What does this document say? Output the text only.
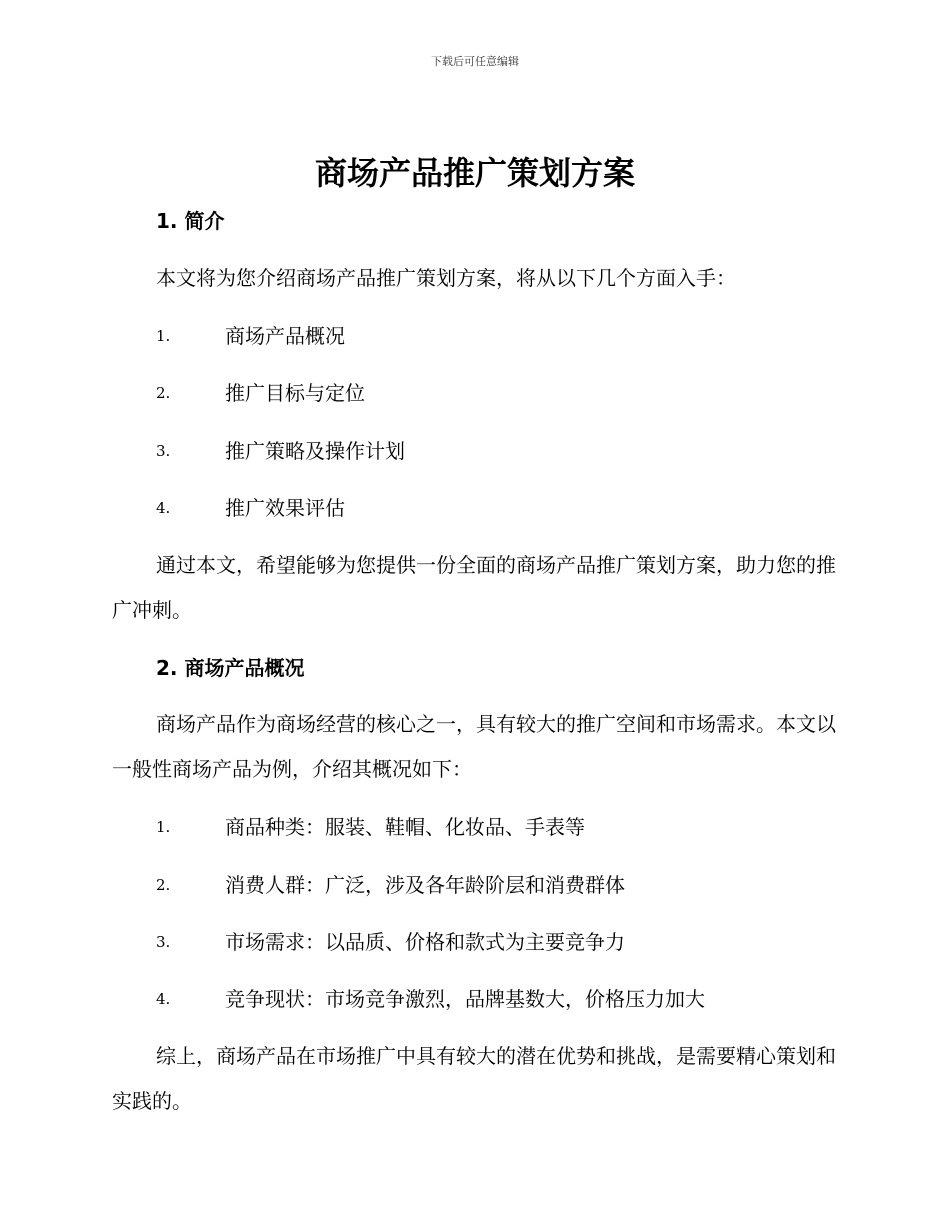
下载后可任意编辑
商场产品推广策划方案
1. 简介

本文将为您介绍商场产品推广策划方案，将从以下几个方面入手：

1.	商场产品概况
2.	推广目标与定位
3.	推广策略及操作计划
4.	推广效果评估

通过本文，希望能够为您提供一份全面的商场产品推广策划方案，助力您的推广冲刺。

2. 商场产品概况

商场产品作为商场经营的核心之一，具有较大的推广空间和市场需求。本文以一般性商场产品为例，介绍其概况如下：

1.	商品种类：服装、鞋帽、化妆品、手表等
2.	消费人群：广泛，涉及各年龄阶层和消费群体
3.	市场需求：以品质、价格和款式为主要竞争力
4.	竞争现状：市场竞争激烈，品牌基数大，价格压力加大

综上，商场产品在市场推广中具有较大的潜在优势和挑战，是需要精心策划和实践的。
